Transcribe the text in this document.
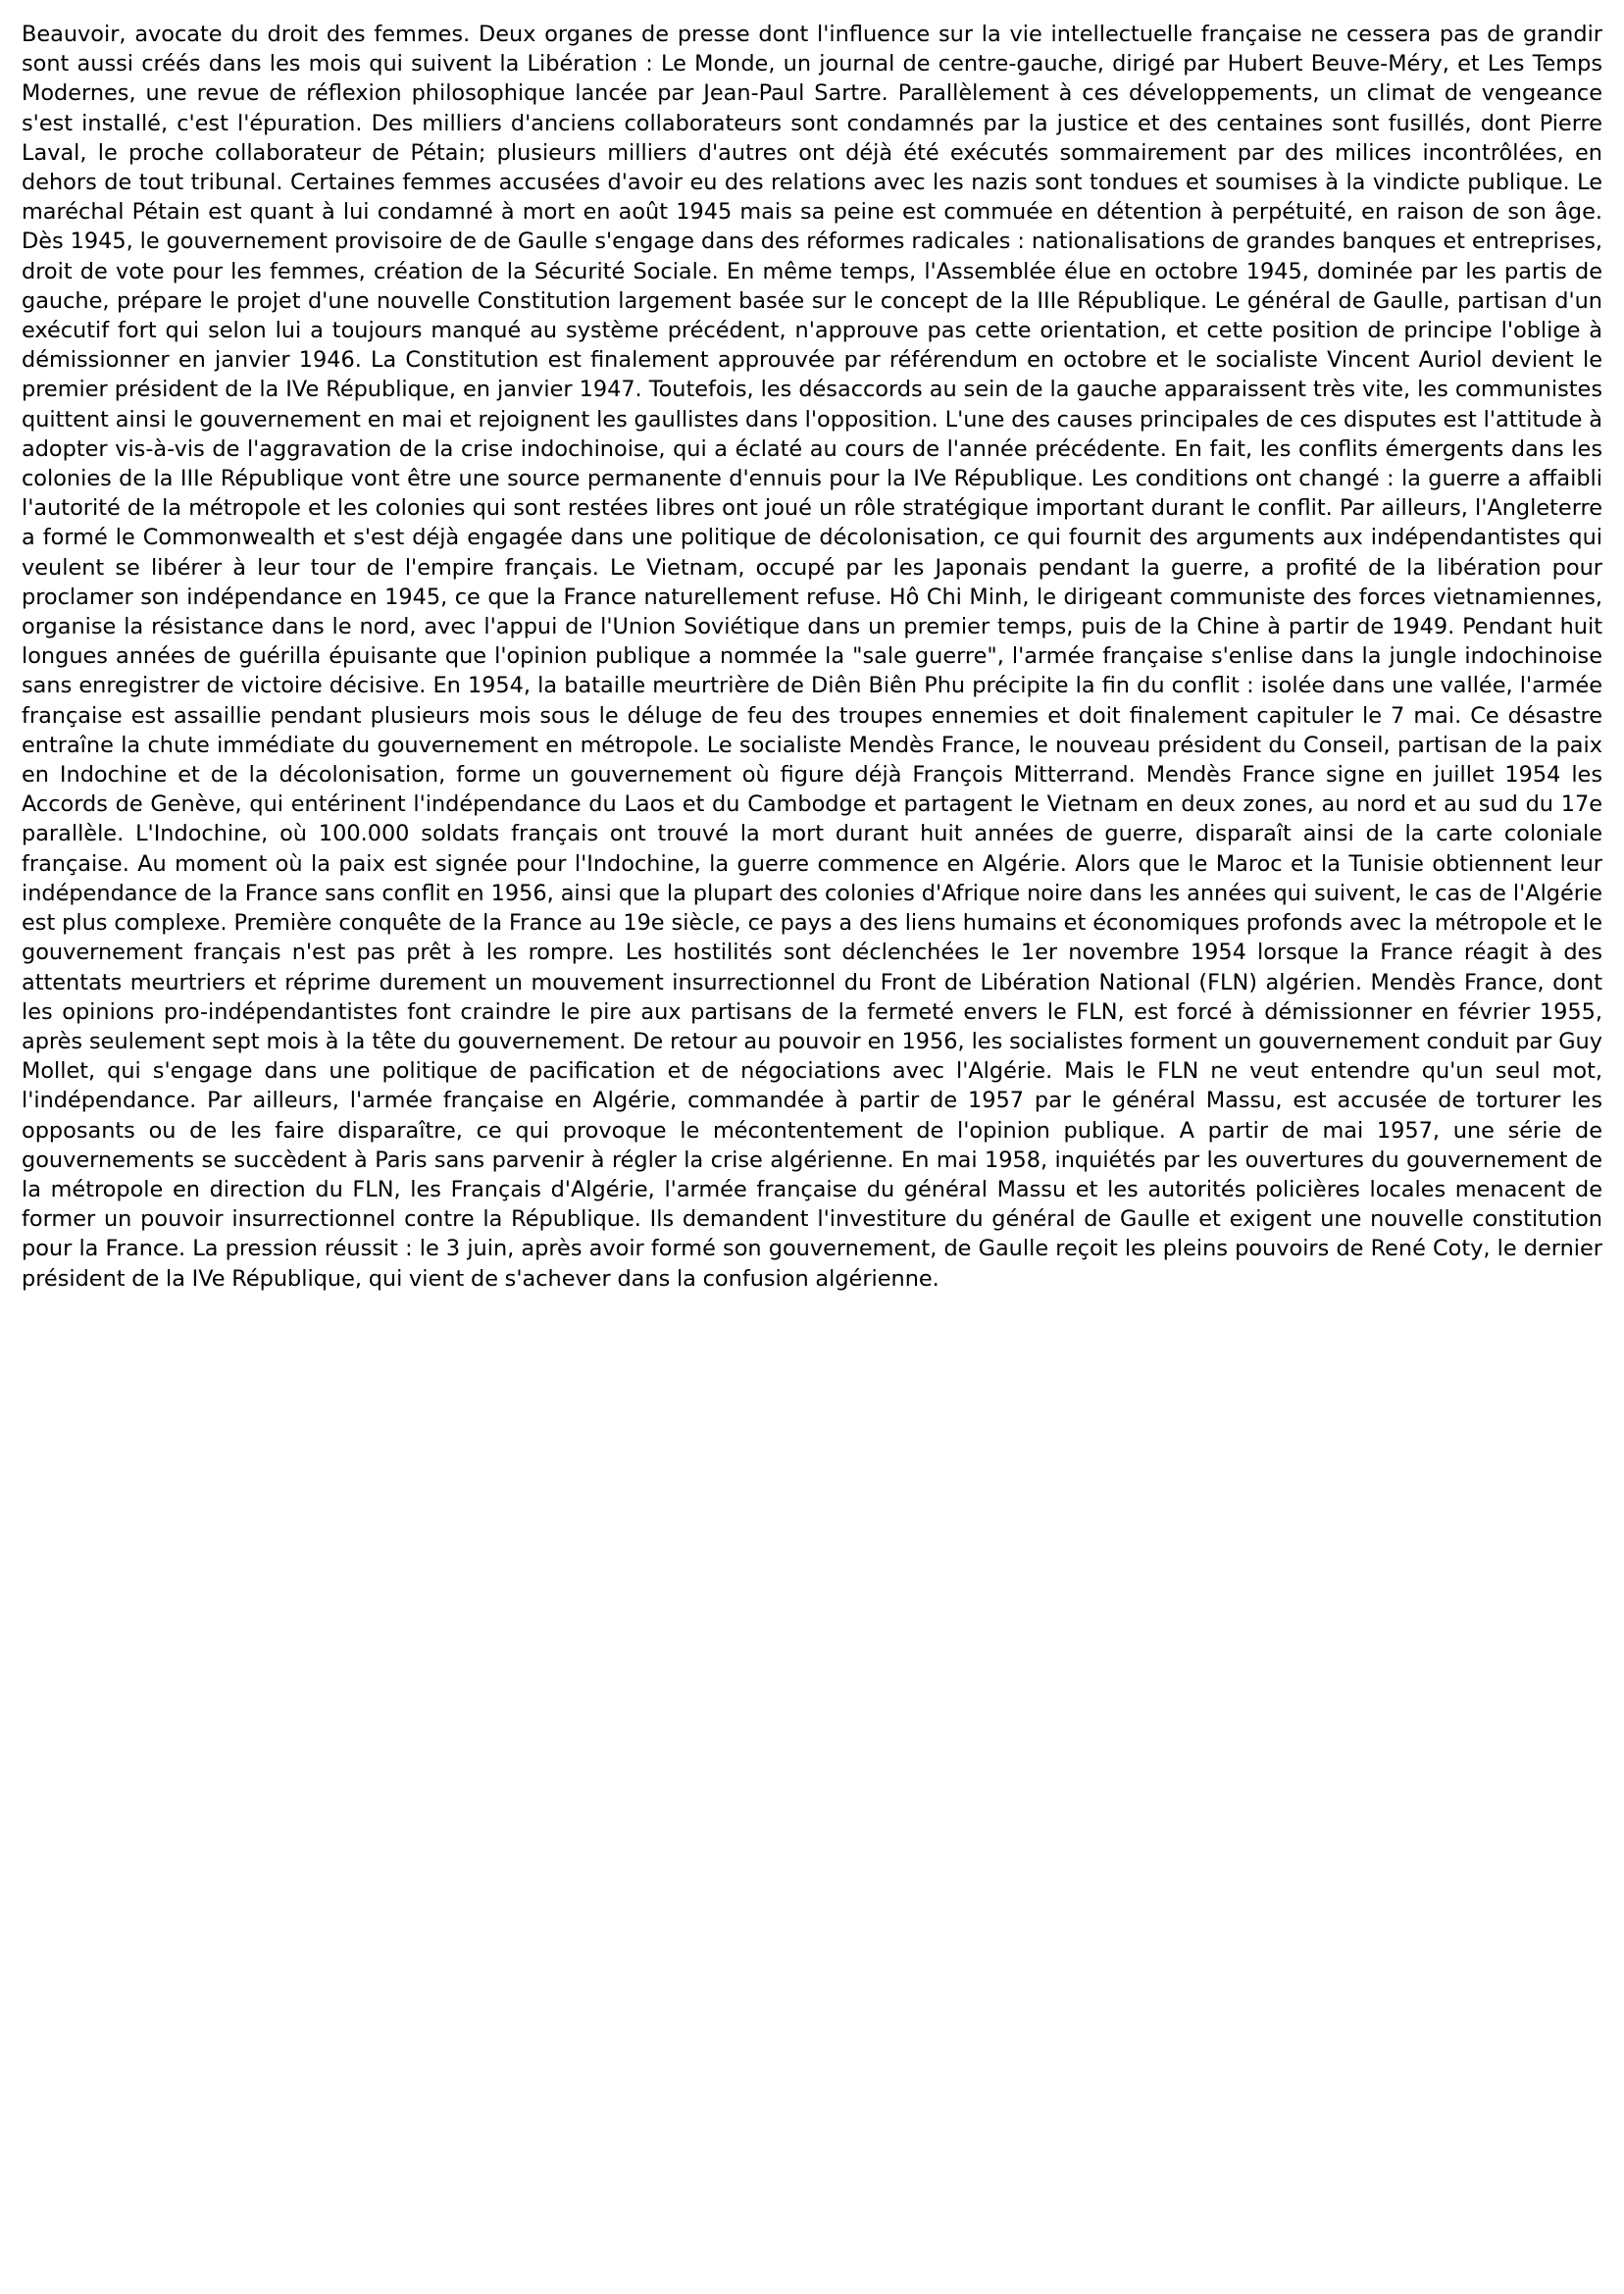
Beauvoir, avocate du droit des femmes. Deux organes de presse dont l'influence sur la vie intellectuelle française ne cessera pas de grandir sont aussi créés dans les mois qui suivent la Libération : Le Monde, un journal de centre-gauche, dirigé par Hubert Beuve-Méry, et Les Temps Modernes, une revue de réflexion philosophique lancée par Jean-Paul Sartre. Parallèlement à ces développements, un climat de vengeance s'est installé, c'est l'épuration. Des milliers d'anciens collaborateurs sont condamnés par la justice et des centaines sont fusillés, dont Pierre Laval, le proche collaborateur de Pétain; plusieurs milliers d'autres ont déjà été exécutés sommairement par des milices incontrôlées, en dehors de tout tribunal. Certaines femmes accusées d'avoir eu des relations avec les nazis sont tondues et soumises à la vindicte publique. Le maréchal Pétain est quant à lui condamné à mort en août 1945 mais sa peine est commuée en détention à perpétuité, en raison de son âge. Dès 1945, le gouvernement provisoire de de Gaulle s'engage dans des réformes radicales : nationalisations de grandes banques et entreprises, droit de vote pour les femmes, création de la Sécurité Sociale. En même temps, l'Assemblée élue en octobre 1945, dominée par les partis de gauche, prépare le projet d'une nouvelle Constitution largement basée sur le concept de la IIIe République. Le général de Gaulle, partisan d'un exécutif fort qui selon lui a toujours manqué au système précédent, n'approuve pas cette orientation, et cette position de principe l'oblige à démissionner en janvier 1946. La Constitution est finalement approuvée par référendum en octobre et le socialiste Vincent Auriol devient le premier président de la IVe République, en janvier 1947. Toutefois, les désaccords au sein de la gauche apparaissent très vite, les communistes quittent ainsi le gouvernement en mai et rejoignent les gaullistes dans l'opposition. L'une des causes principales de ces disputes est l'attitude à adopter vis-à-vis de l'aggravation de la crise indochinoise, qui a éclaté au cours de l'année précédente. En fait, les conflits émergents dans les colonies de la IIIe République vont être une source permanente d'ennuis pour la IVe République. Les conditions ont changé : la guerre a affaibli l'autorité de la métropole et les colonies qui sont restées libres ont joué un rôle stratégique important durant le conflit. Par ailleurs, l'Angleterre a formé le Commonwealth et s'est déjà engagée dans une politique de décolonisation, ce qui fournit des arguments aux indépendantistes qui veulent se libérer à leur tour de l'empire français. Le Vietnam, occupé par les Japonais pendant la guerre, a profité de la libération pour proclamer son indépendance en 1945, ce que la France naturellement refuse. Hô Chi Minh, le dirigeant communiste des forces vietnamiennes, organise la résistance dans le nord, avec l'appui de l'Union Soviétique dans un premier temps, puis de la Chine à partir de 1949. Pendant huit longues années de guérilla épuisante que l'opinion publique a nommée la "sale guerre", l'armée française s'enlise dans la jungle indochinoise sans enregistrer de victoire décisive. En 1954, la bataille meurtrière de Diên Biên Phu précipite la fin du conflit : isolée dans une vallée, l'armée française est assaillie pendant plusieurs mois sous le déluge de feu des troupes ennemies et doit finalement capituler le 7 mai. Ce désastre entraîne la chute immédiate du gouvernement en métropole. Le socialiste Mendès France, le nouveau président du Conseil, partisan de la paix en Indochine et de la décolonisation, forme un gouvernement où figure déjà François Mitterrand. Mendès France signe en juillet 1954 les Accords de Genève, qui entérinent l'indépendance du Laos et du Cambodge et partagent le Vietnam en deux zones, au nord et au sud du 17e parallèle. L'Indochine, où 100.000 soldats français ont trouvé la mort durant huit années de guerre, disparaît ainsi de la carte coloniale française. Au moment où la paix est signée pour l'Indochine, la guerre commence en Algérie. Alors que le Maroc et la Tunisie obtiennent leur indépendance de la France sans conflit en 1956, ainsi que la plupart des colonies d'Afrique noire dans les années qui suivent, le cas de l'Algérie est plus complexe. Première conquête de la France au 19e siècle, ce pays a des liens humains et économiques profonds avec la métropole et le gouvernement français n'est pas prêt à les rompre. Les hostilités sont déclenchées le 1er novembre 1954 lorsque la France réagit à des attentats meurtriers et réprime durement un mouvement insurrectionnel du Front de Libération National (FLN) algérien. Mendès France, dont les opinions pro-indépendantistes font craindre le pire aux partisans de la fermeté envers le FLN, est forcé à démissionner en février 1955, après seulement sept mois à la tête du gouvernement. De retour au pouvoir en 1956, les socialistes forment un gouvernement conduit par Guy Mollet, qui s'engage dans une politique de pacification et de négociations avec l'Algérie. Mais le FLN ne veut entendre qu'un seul mot, l'indépendance. Par ailleurs, l'armée française en Algérie, commandée à partir de 1957 par le général Massu, est accusée de torturer les opposants ou de les faire disparaître, ce qui provoque le mécontentement de l'opinion publique. A partir de mai 1957, une série de gouvernements se succèdent à Paris sans parvenir à régler la crise algérienne. En mai 1958, inquiétés par les ouvertures du gouvernement de la métropole en direction du FLN, les Français d'Algérie, l'armée française du général Massu et les autorités policières locales menacent de former un pouvoir insurrectionnel contre la République. Ils demandent l'investiture du général de Gaulle et exigent une nouvelle constitution pour la France. La pression réussit : le 3 juin, après avoir formé son gouvernement, de Gaulle reçoit les pleins pouvoirs de René Coty, le dernier président de la IVe République, qui vient de s'achever dans la confusion algérienne.
